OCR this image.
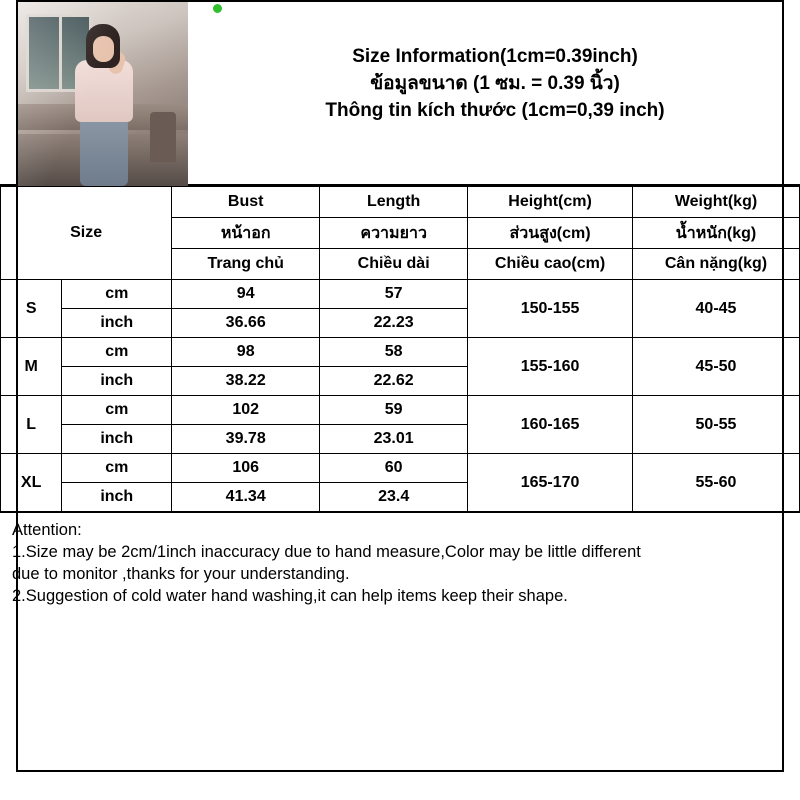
Size Information(1cm=0.39inch)
ข้อมูลขนาด (1 ซม. = 0.39 นิ้ว)
Thông tin kích thước (1cm=0,39 inch)
Size		Bust	Length	Height(cm)	Weight(kg)
		หน้าอก	ความยาว	ส่วนสูง(cm)	น้ำหนัก(kg)
		Trang chủ	Chiều dài	Chiều cao(cm)	Cân nặng(kg)
S	cm	94	57	150-155	40-45
	inch	36.66	22.23		
M	cm	98	58	155-160	45-50
	inch	38.22	22.62		
L	cm	102	59	160-165	50-55
	inch	39.78	23.01		
XL	cm	106	60	165-170	55-60
	inch	41.34	23.4		
Attention:
1.Size may be 2cm/1inch inaccuracy due to hand measure,Color may be little different
due to monitor ,thanks for your understanding.
2.Suggestion of cold water hand washing,it can help items keep their shape.
